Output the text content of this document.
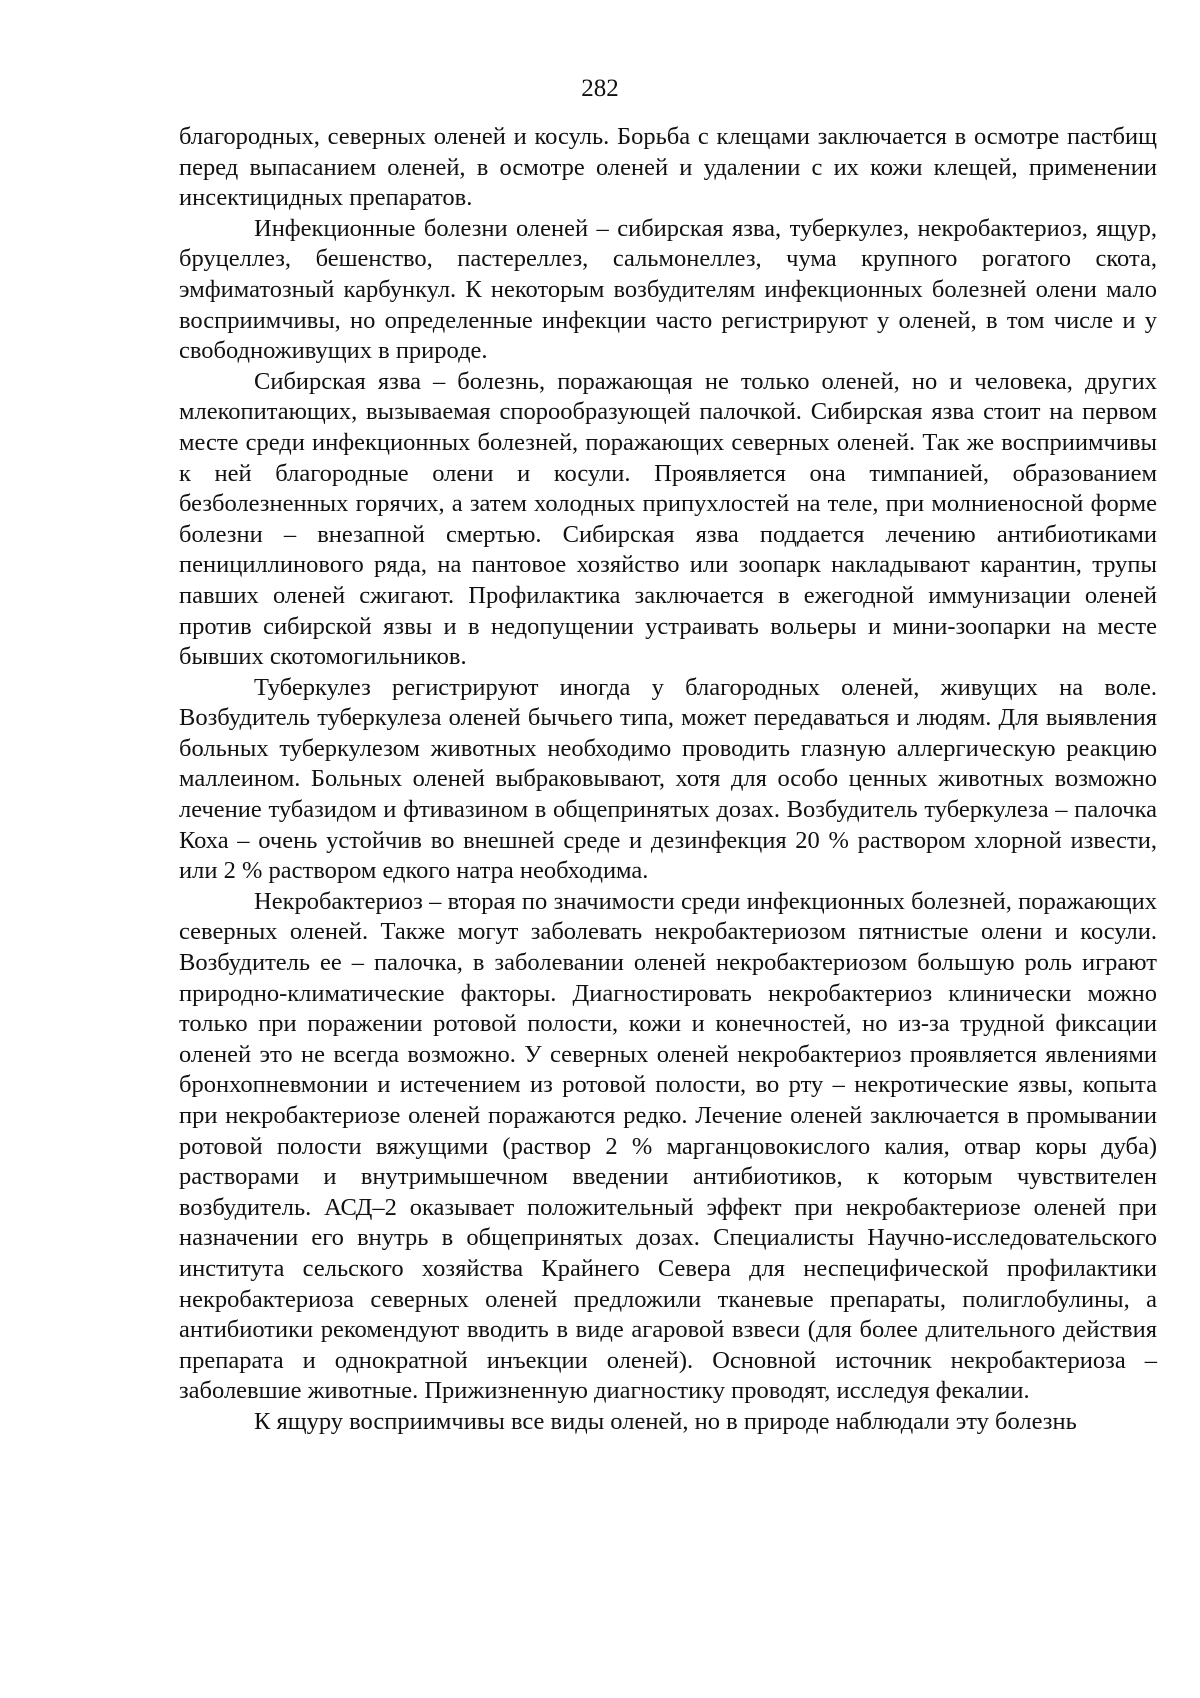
282

благородных, северных оленей и косуль. Борьба с клещами заключается в осмотре пастбищ перед выпасанием оленей, в осмотре оленей и удалении с их кожи клещей, применении инсектицидных препаратов.

Инфекционные болезни оленей – сибирская язва, туберкулез, некробактериоз, ящур, бруцеллез, бешенство, пастереллез, сальмонеллез, чума крупного рогатого скота, эмфиматозный карбункул. К некоторым возбудителям инфекционных болезней олени мало восприимчивы, но определенные инфекции часто регистрируют у оленей, в том числе и у свободноживущих в природе.

Сибирская язва – болезнь, поражающая не только оленей, но и человека, других млекопитающих, вызываемая спорообразующей палочкой. Сибирская язва стоит на первом месте среди инфекционных болезней, поражающих северных оленей. Так же восприимчивы к ней благородные олени и косули. Проявляется она тимпанией, образованием безболезненных горячих, а затем холодных припухлостей на теле, при молниеносной форме болезни – внезапной смертью. Сибирская язва поддается лечению антибиотиками пенициллинового ряда, на пантовое хозяйство или зоопарк накладывают карантин, трупы павших оленей сжигают. Профилактика заключается в ежегодной иммунизации оленей против сибирской язвы и в недопущении устраивать вольеры и мини-зоопарки на месте бывших скотомогильников.

Туберкулез регистрируют иногда у благородных оленей, живущих на воле. Возбудитель туберкулеза оленей бычьего типа, может передаваться и людям. Для выявления больных туберкулезом животных необходимо проводить глазную аллергическую реакцию маллеином. Больных оленей выбраковывают, хотя для особо ценных животных возможно лечение тубазидом и фтивазином в общепринятых дозах. Возбудитель туберкулеза – палочка Коха – очень устойчив во внешней среде и дезинфекция 20 % раствором хлорной извести, или 2 % раствором едкого натра необходима.

Некробактериоз – вторая по значимости среди инфекционных болезней, поражающих северных оленей. Также могут заболевать некробактериозом пятнистые олени и косули. Возбудитель ее – палочка, в заболевании оленей некробактериозом большую роль играют природно-климатические факторы. Диагностировать некробактериоз клинически можно только при поражении ротовой полости, кожи и конечностей, но из-за трудной фиксации оленей это не всегда возможно. У северных оленей некробактериоз проявляется явлениями бронхопневмонии и истечением из ротовой полости, во рту – некротические язвы, копыта при некробактериозе оленей поражаются редко. Лечение оленей заключается в промывании ротовой полости вяжущими (раствор 2 % марганцовокислого калия, отвар коры дуба) растворами и внутримышечном введении антибиотиков, к которым чувствителен возбудитель. АСД–2 оказывает положительный эффект при некробактериозе оленей при назначении его внутрь в общепринятых дозах. Специалисты Научно-исследовательского института сельского хозяйства Крайнего Севера для неспецифической профилактики некробактериоза северных оленей предложили тканевые препараты, полиглобулины, а антибиотики рекомендуют вводить в виде агаровой взвеси (для более длительного действия препарата и однократной инъекции оленей). Основной источник некробактериоза – заболевшие животные. Прижизненную диагностику проводят, исследуя фекалии.

К ящуру восприимчивы все виды оленей, но в природе наблюдали эту болезнь
